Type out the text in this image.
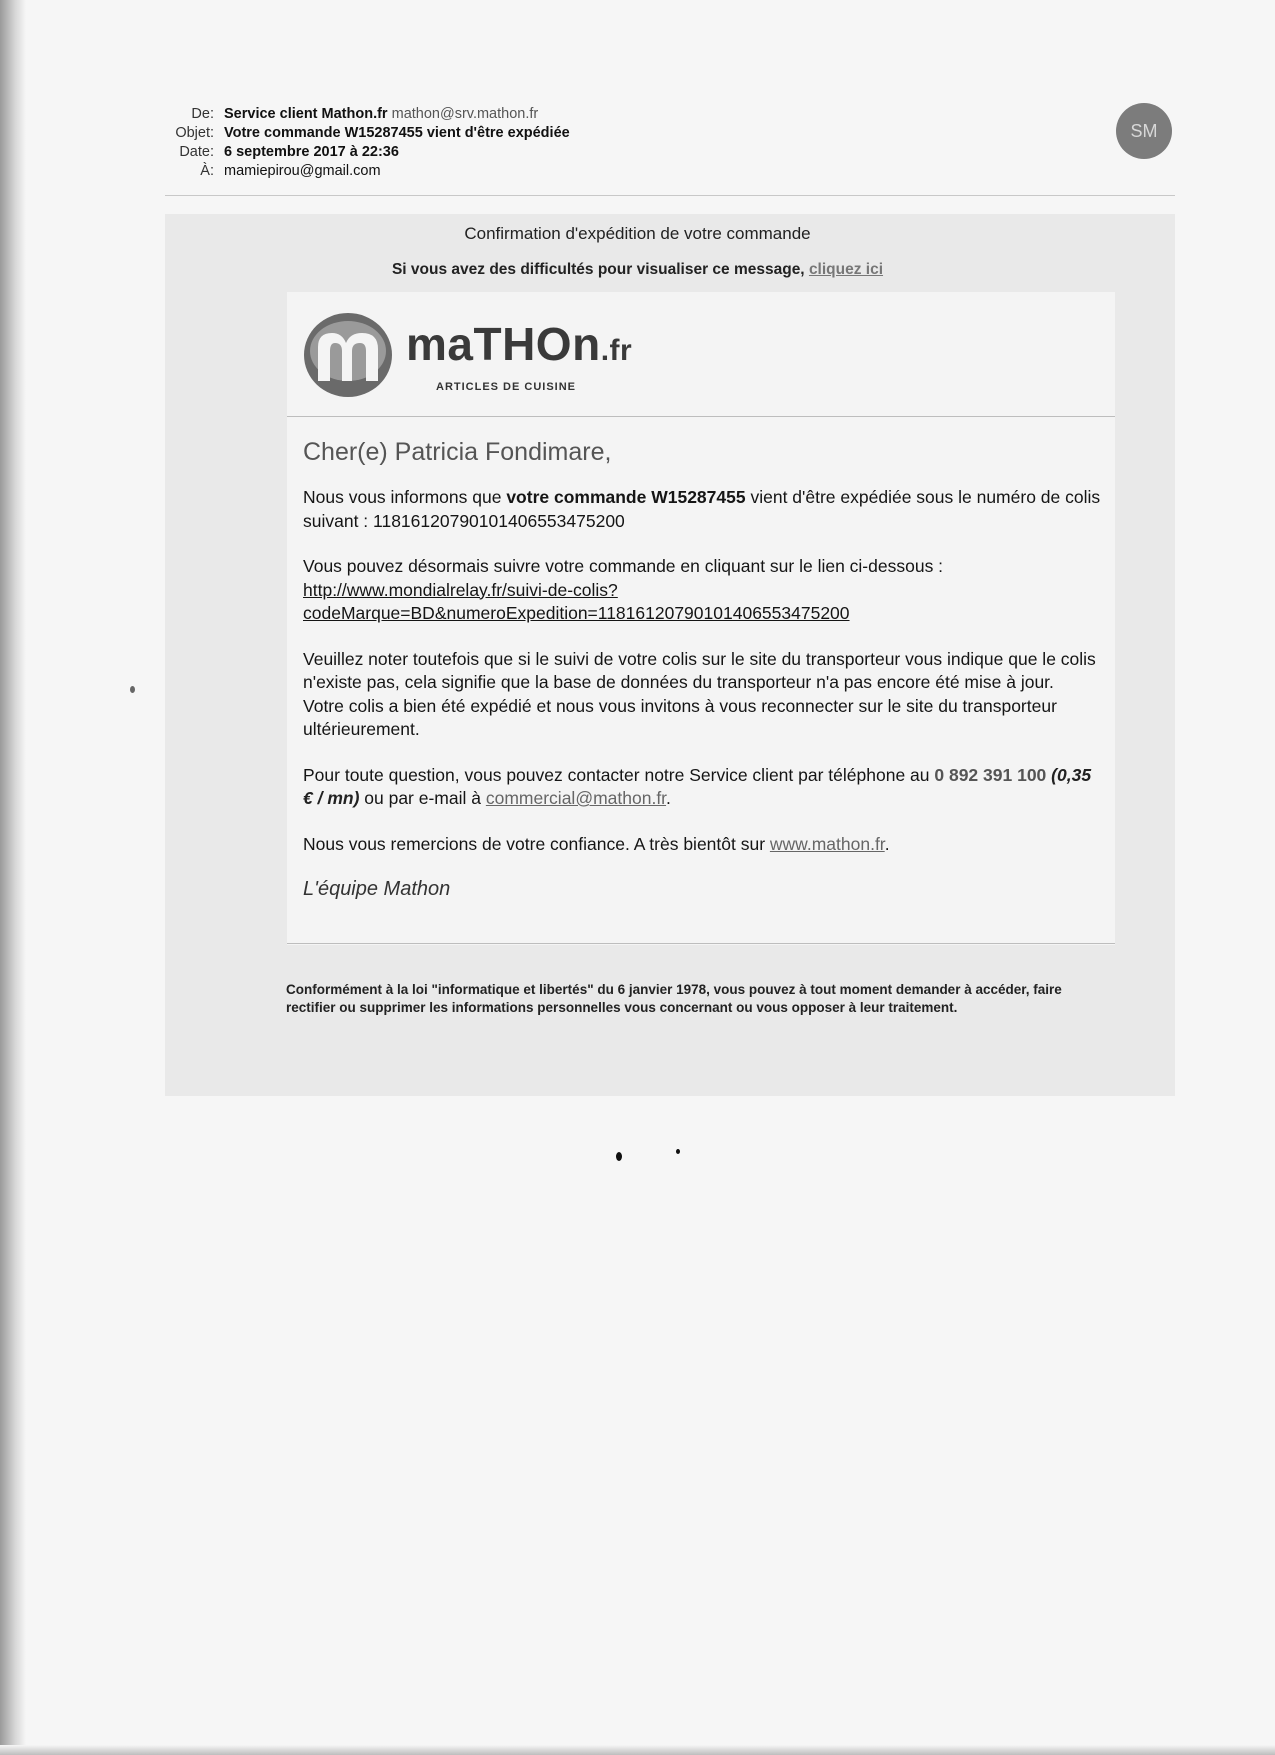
De: Service client Mathon.fr mathon@srv.mathon.fr
Objet: Votre commande W15287455 vient d'être expédiée
Date: 6 septembre 2017 à 22:36
À: mamiepirou@gmail.com
SM
Confirmation d'expédition de votre commande
Si vous avez des difficultés pour visualiser ce message, cliquez ici
maTHOn.fr
ARTICLES DE CUISINE
Cher(e) Patricia Fondimare,

Nous vous informons que votre commande W15287455 vient d'être expédiée sous le numéro de colis suivant : 1181612079010140655347520​0

Vous pouvez désormais suivre votre commande en cliquant sur le lien ci-dessous :
http://www.mondialrelay.fr/suivi-de-colis?
codeMarque=BD&numeroExpedition=11816120790101406553475200

Veuillez noter toutefois que si le suivi de votre colis sur le site du transporteur vous indique que le colis n'existe pas, cela signifie que la base de données du transporteur n'a pas encore été mise à jour.
Votre colis a bien été expédié et nous vous invitons à vous reconnecter sur le site du transporteur ultérieurement.

Pour toute question, vous pouvez contacter notre Service client par téléphone au 0 892 391 100 (0,35 € / mn) ou par e-mail à commercial@mathon.fr.

Nous vous remercions de votre confiance. A très bientôt sur www.mathon.fr.

L'équipe Mathon
Conformément à la loi "informatique et libertés" du 6 janvier 1978, vous pouvez à tout moment demander à accéder, faire rectifier ou supprimer les informations personnelles vous concernant ou vous opposer à leur traitement.
